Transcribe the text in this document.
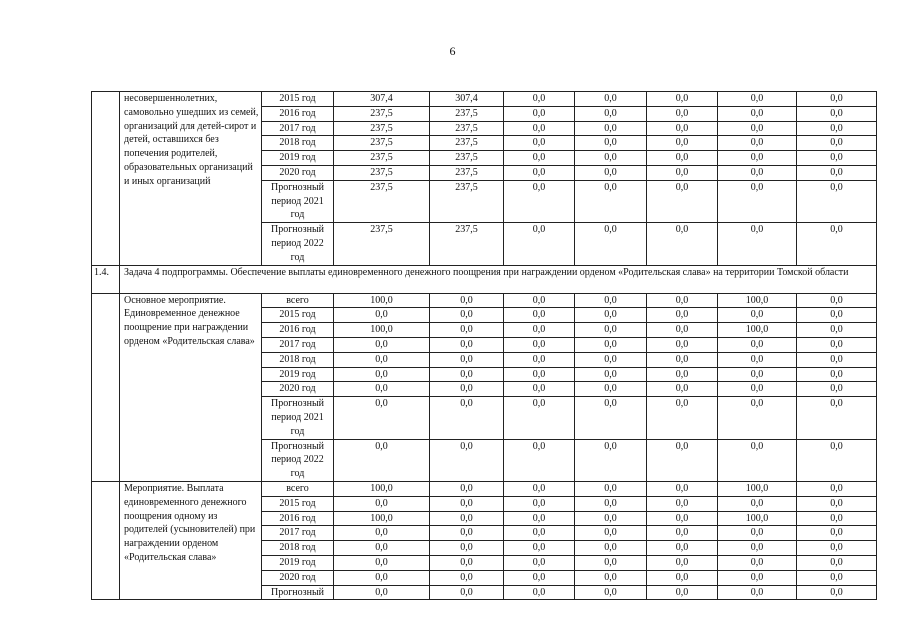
6
	несовершеннолетних, самовольно ушедших из семей, организаций для детей-сирот и детей, оставшихся без попечения родителей, образовательных организаций и иных организаций	2015 год	307,4	307,4	0,0	0,0	0,0	0,0	0,0
		2016 год	237,5	237,5	0,0	0,0	0,0	0,0	0,0
		2017 год	237,5	237,5	0,0	0,0	0,0	0,0	0,0
		2018 год	237,5	237,5	0,0	0,0	0,0	0,0	0,0
		2019 год	237,5	237,5	0,0	0,0	0,0	0,0	0,0
		2020 год	237,5	237,5	0,0	0,0	0,0	0,0	0,0
		Прогнозный период 2021 год	237,5	237,5	0,0	0,0	0,0	0,0	0,0
		Прогнозный период 2022 год	237,5	237,5	0,0	0,0	0,0	0,0	0,0
1.4.	Задача 4 подпрограммы. Обеспечение выплаты единовременного денежного поощрения при награждении орденом «Родительская слава» на территории Томской области								
	Основное мероприятие. Единовременное денежное поощрение при награждении орденом «Родительская слава»	всего	100,0	0,0	0,0	0,0	0,0	100,0	0,0
		2015 год	0,0	0,0	0,0	0,0	0,0	0,0	0,0
		2016 год	100,0	0,0	0,0	0,0	0,0	100,0	0,0
		2017 год	0,0	0,0	0,0	0,0	0,0	0,0	0,0
		2018 год	0,0	0,0	0,0	0,0	0,0	0,0	0,0
		2019 год	0,0	0,0	0,0	0,0	0,0	0,0	0,0
		2020 год	0,0	0,0	0,0	0,0	0,0	0,0	0,0
		Прогнозный период 2021 год	0,0	0,0	0,0	0,0	0,0	0,0	0,0
		Прогнозный период 2022 год	0,0	0,0	0,0	0,0	0,0	0,0	0,0
	Мероприятие. Выплата единовременного денежного поощрения одному из родителей (усыновителей) при награждении орденом «Родительская слава»	всего	100,0	0,0	0,0	0,0	0,0	100,0	0,0
		2015 год	0,0	0,0	0,0	0,0	0,0	0,0	0,0
		2016 год	100,0	0,0	0,0	0,0	0,0	100,0	0,0
		2017 год	0,0	0,0	0,0	0,0	0,0	0,0	0,0
		2018 год	0,0	0,0	0,0	0,0	0,0	0,0	0,0
		2019 год	0,0	0,0	0,0	0,0	0,0	0,0	0,0
		2020 год	0,0	0,0	0,0	0,0	0,0	0,0	0,0
		Прогнозный	0,0	0,0	0,0	0,0	0,0	0,0	0,0
